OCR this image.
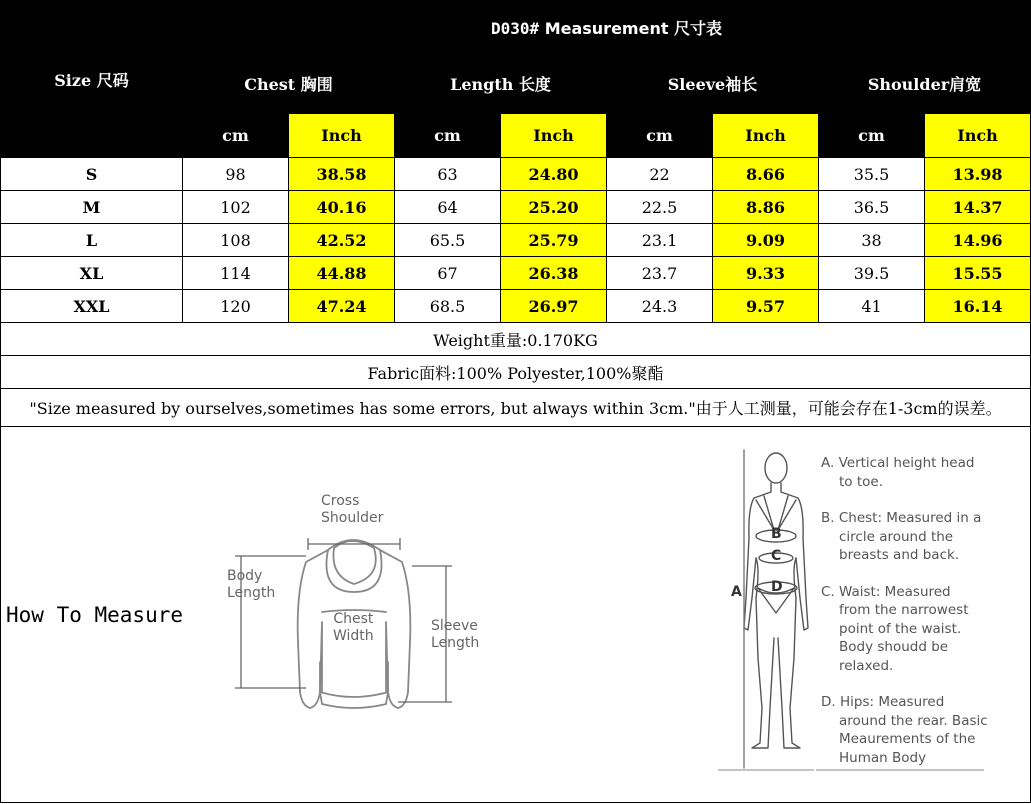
Size 尺码	D030# Measurement 尺寸表							
	Chest 胸围		Length 长度		Sleeve袖长		Shoulder肩宽	
	cm	Inch	cm	Inch	cm	Inch	cm	Inch
S	98	38.58	63	24.80	22	8.66	35.5	13.98
M	102	40.16	64	25.20	22.5	8.86	36.5	14.37
L	108	42.52	65.5	25.79	23.1	9.09	38	14.96
XL	114	44.88	67	26.38	23.7	9.33	39.5	15.55
XXL	120	47.24	68.5	26.97	24.3	9.57	41	16.14
Weight重量:0.170KG								
Fabric面料:100% Polyester,100%聚酯								
"Size measured by ourselves,sometimes has some errors, but always within 3cm."由于人工测量，可能会存在1-3cm的误差。								
How To Measure
Cross
Shoulder
Body
Length
Chest
Width
Sleeve
Length
A
B
C
D

A. Vertical height head
to toe.

B. Chest: Measured in a
circle around the breasts and back.

C. Waist: Measured
from the narrowest point of the waist. Body shoudd be relaxed.

D. Hips: Measured
around the rear. Basic Meaurements of the Human Body
